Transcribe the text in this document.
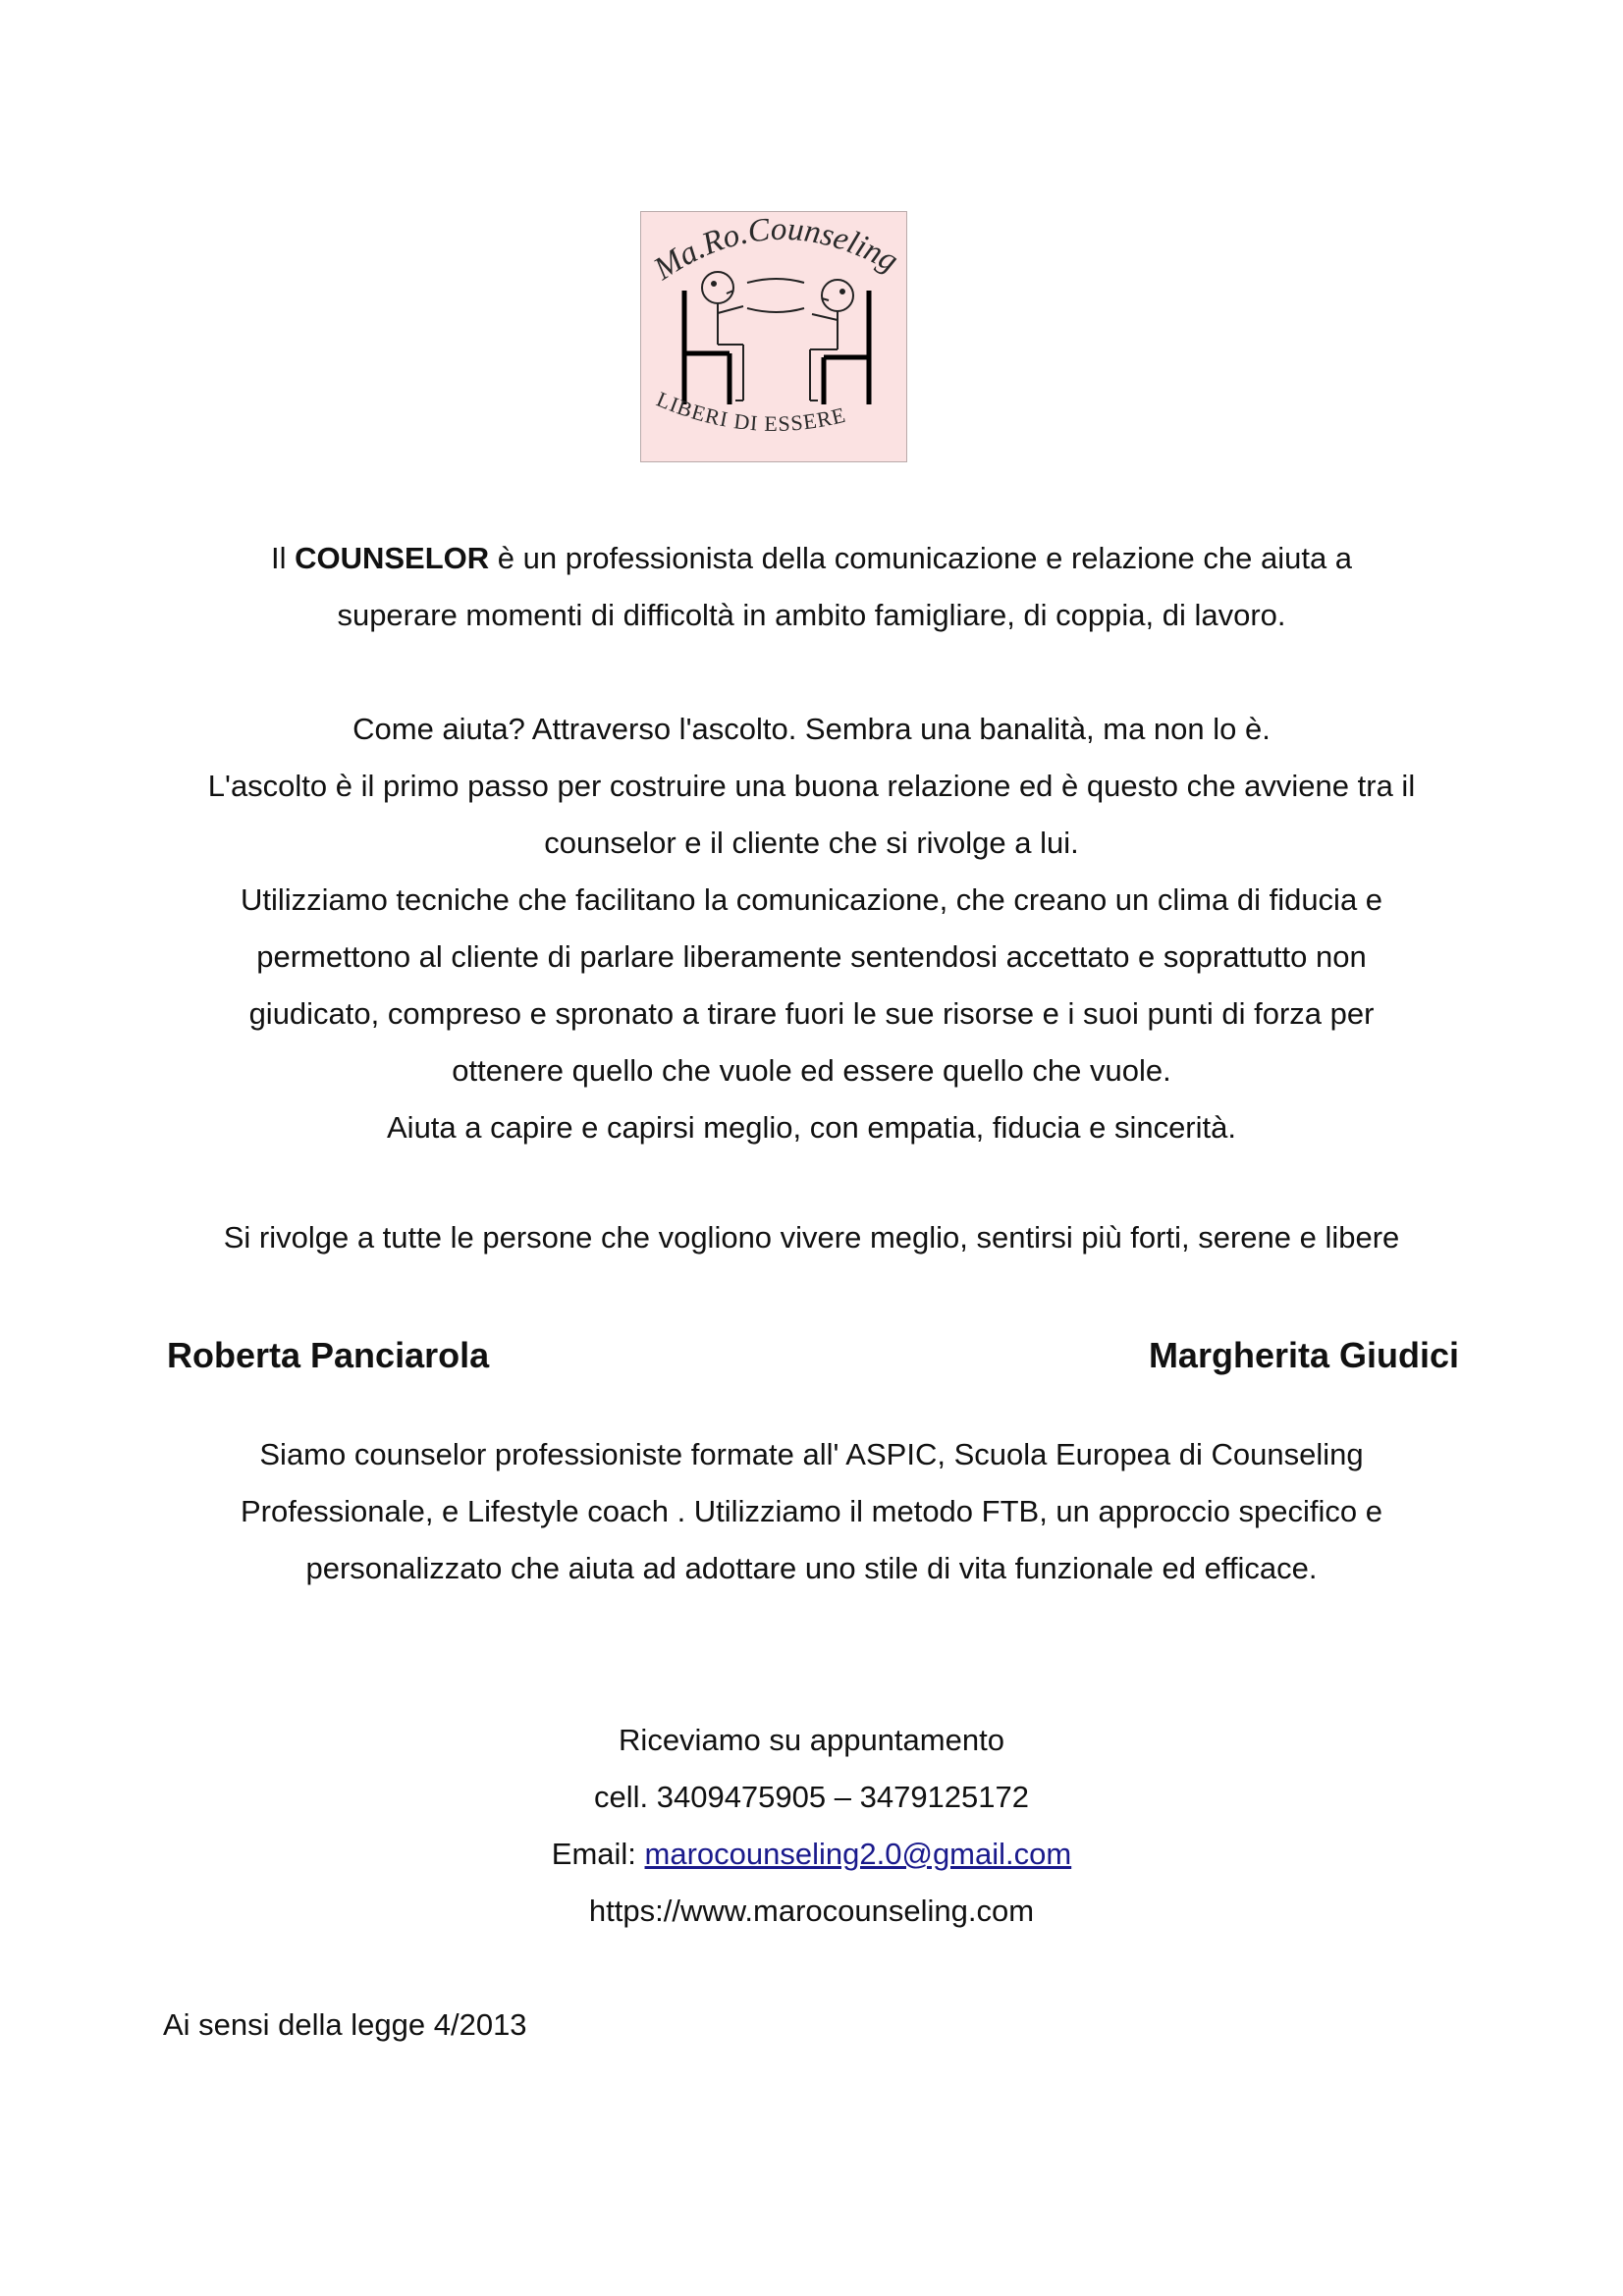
Ma.Ro.Counseling
LIBERI DI ESSERE

Il COUNSELOR è un professionista della comunicazione e relazione che aiuta a

superare momenti di difficoltà in ambito famigliare, di coppia, di lavoro.

Come aiuta? Attraverso l'ascolto. Sembra una banalità, ma non lo è.

L'ascolto è il primo passo per costruire una buona relazione ed è questo che avviene tra il

counselor e il cliente che si rivolge a lui.

Utilizziamo tecniche che facilitano la comunicazione, che creano un clima di fiducia e

permettono al cliente di parlare liberamente sentendosi accettato e soprattutto non

giudicato, compreso e spronato a tirare fuori le sue risorse e i suoi punti di forza per

ottenere quello che vuole ed essere quello che vuole.

Aiuta a capire e capirsi meglio, con empatia, fiducia e sincerità.

Si rivolge a tutte le persone che vogliono vivere meglio, sentirsi più forti, serene e libere

Roberta Panciarola	Margherita Giudici

Siamo counselor professioniste formate all' ASPIC, Scuola Europea di Counseling

Professionale, e Lifestyle coach . Utilizziamo il metodo FTB, un approccio specifico e

personalizzato che aiuta ad adottare uno stile di vita funzionale ed efficace.

Riceviamo su appuntamento

cell. 3409475905 – 3479125172

Email: marocounseling2.0@gmail.com

https://www.marocounseling.com

Ai sensi della legge 4/2013
